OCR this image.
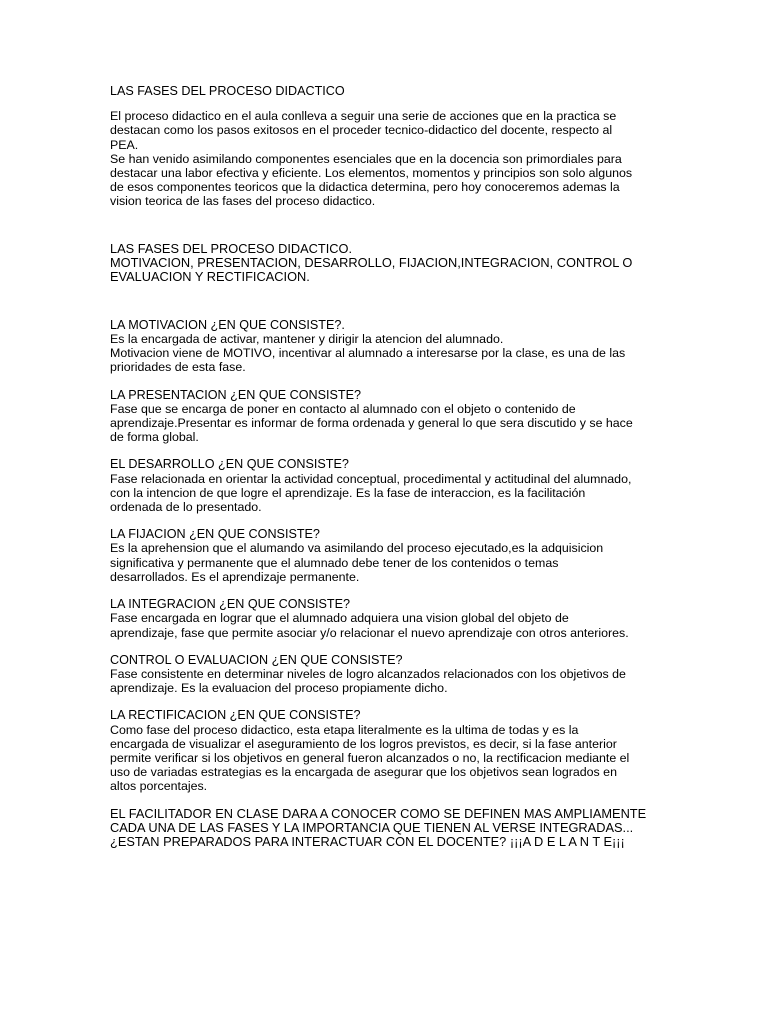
LAS FASES DEL PROCESO DIDACTICO
El proceso didactico en el aula conlleva a seguir una serie de acciones que en la practica se
destacan como los pasos exitosos en el proceder tecnico-didactico del docente, respecto al
PEA.
Se han venido asimilando componentes esenciales que en la docencia son primordiales para
destacar una labor efectiva y eficiente. Los elementos, momentos y principios son solo algunos
de esos componentes teoricos que la didactica determina, pero hoy conoceremos ademas la
vision teorica de las fases del proceso didactico.
LAS FASES DEL PROCESO DIDACTICO.
MOTIVACION, PRESENTACION, DESARROLLO, FIJACION,INTEGRACION, CONTROL O
EVALUACION Y RECTIFICACION.
LA MOTIVACION ¿EN QUE CONSISTE?.
Es la encargada de activar, mantener y dirigir la atencion del alumnado.
Motivacion viene de MOTIVO, incentivar al alumnado a interesarse por la clase, es una de las
prioridades de esta fase.
LA PRESENTACION ¿EN QUE CONSISTE?
Fase que se encarga de poner en contacto al alumnado con el objeto o contenido de
aprendizaje.Presentar es informar de forma ordenada y general lo que sera discutido y se hace
de forma global.
EL DESARROLLO ¿EN QUE CONSISTE?
Fase relacionada en orientar la actividad conceptual, procedimental y actitudinal del alumnado,
con la intencion de que logre el aprendizaje. Es la fase de interaccion, es la facilitación
ordenada de lo presentado.
LA FIJACION ¿EN QUE CONSISTE?
Es la aprehension que el alumando va asimilando del proceso ejecutado,es la adquisicion
significativa y permanente que el alumnado debe tener de los contenidos o temas
desarrollados. Es el aprendizaje permanente.
LA INTEGRACION ¿EN QUE CONSISTE?
Fase encargada en lograr que el alumnado adquiera una vision global del objeto de
aprendizaje, fase que permite asociar y/o relacionar el nuevo aprendizaje con otros anteriores.
CONTROL O EVALUACION ¿EN QUE CONSISTE?
Fase consistente en determinar niveles de logro alcanzados relacionados con los objetivos de
aprendizaje. Es la evaluacion del proceso propiamente dicho.
LA RECTIFICACION ¿EN QUE CONSISTE?
Como fase del proceso didactico, esta etapa literalmente es la ultima de todas y es la
encargada de visualizar el aseguramiento de los logros previstos, es decir, si la fase anterior
permite verificar si los objetivos en general fueron alcanzados o no, la rectificacion mediante el
uso de variadas estrategias es la encargada de asegurar que los objetivos sean logrados en
altos porcentajes.
EL FACILITADOR EN CLASE DARA A CONOCER COMO SE DEFINEN MAS AMPLIAMENTE
CADA UNA DE LAS FASES Y LA IMPORTANCIA QUE TIENEN AL VERSE INTEGRADAS...
¿ESTAN PREPARADOS PARA INTERACTUAR CON EL DOCENTE? ¡¡¡A D E L A N T E¡¡¡
